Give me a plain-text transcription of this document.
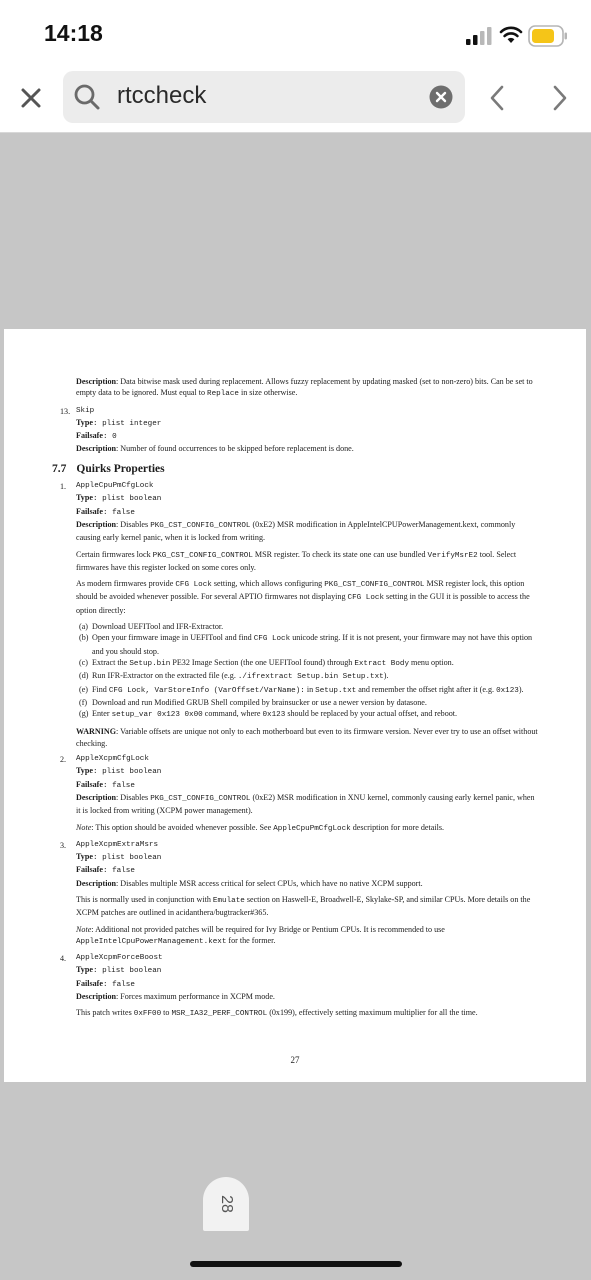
14:18
rtccheck

Description: Data bitwise mask used during replacement. Allows fuzzy replacement by updating masked (set to non-zero) bits. Can be set to empty data to be ignored. Must equal to Replace in size otherwise.

13. Skip

Type: plist integer

Failsafe: 0

Description: Number of found occurrences to be skipped before replacement is done.

7.7 Quirks Properties
1. AppleCpuPmCfgLock

Type: plist boolean

Failsafe: false

Description: Disables PKG_CST_CONFIG_CONTROL (0xE2) MSR modification in AppleIntelCPUPowerManagement.kext, commonly causing early kernel panic, when it is locked from writing.

Certain firmwares lock PKG_CST_CONFIG_CONTROL MSR register. To check its state one can use bundled VerifyMsrE2 tool. Select firmwares have this register locked on some cores only.

As modern firmwares provide CFG Lock setting, which allows configuring PKG_CST_CONFIG_CONTROL MSR register lock, this option should be avoided whenever possible. For several APTIO firmwares not displaying CFG Lock setting in the GUI it is possible to access the option directly:

(a) Download UEFITool and IFR-Extractor.
(b) Open your firmware image in UEFITool and find CFG Lock unicode string. If it is not present, your firmware may not have this option and you should stop.
(c) Extract the Setup.bin PE32 Image Section (the one UEFITool found) through Extract Body menu option.
(d) Run IFR-Extractor on the extracted file (e.g. ./ifrextract Setup.bin Setup.txt).
(e) Find CFG Lock, VarStoreInfo (VarOffset/VarName): in Setup.txt and remember the offset right after it (e.g. 0x123).
(f) Download and run Modified GRUB Shell compiled by brainsucker or use a newer version by datasone.
(g) Enter setup_var 0x123 0x00 command, where 0x123 should be replaced by your actual offset, and reboot.

WARNING: Variable offsets are unique not only to each motherboard but even to its firmware version. Never ever try to use an offset without checking.

2. AppleXcpmCfgLock

Type: plist boolean

Failsafe: false

Description: Disables PKG_CST_CONFIG_CONTROL (0xE2) MSR modification in XNU kernel, commonly causing early kernel panic, when it is locked from writing (XCPM power management).

Note: This option should be avoided whenever possible. See AppleCpuPmCfgLock description for more details.

3. AppleXcpmExtraMsrs

Type: plist boolean

Failsafe: false

Description: Disables multiple MSR access critical for select CPUs, which have no native XCPM support.

This is normally used in conjunction with Emulate section on Haswell-E, Broadwell-E, Skylake-SP, and similar CPUs. More details on the XCPM patches are outlined in acidanthera/bugtracker#365.

Note: Additional not provided patches will be required for Ivy Bridge or Pentium CPUs. It is recommended to use AppleIntelCpuPowerManagement.kext for the former.

4. AppleXcpmForceBoost

Type: plist boolean

Failsafe: false

Description: Forces maximum performance in XCPM mode.

This patch writes 0xFF00 to MSR_IA32_PERF_CONTROL (0x199), effectively setting maximum multiplier for all the time.

27
28
